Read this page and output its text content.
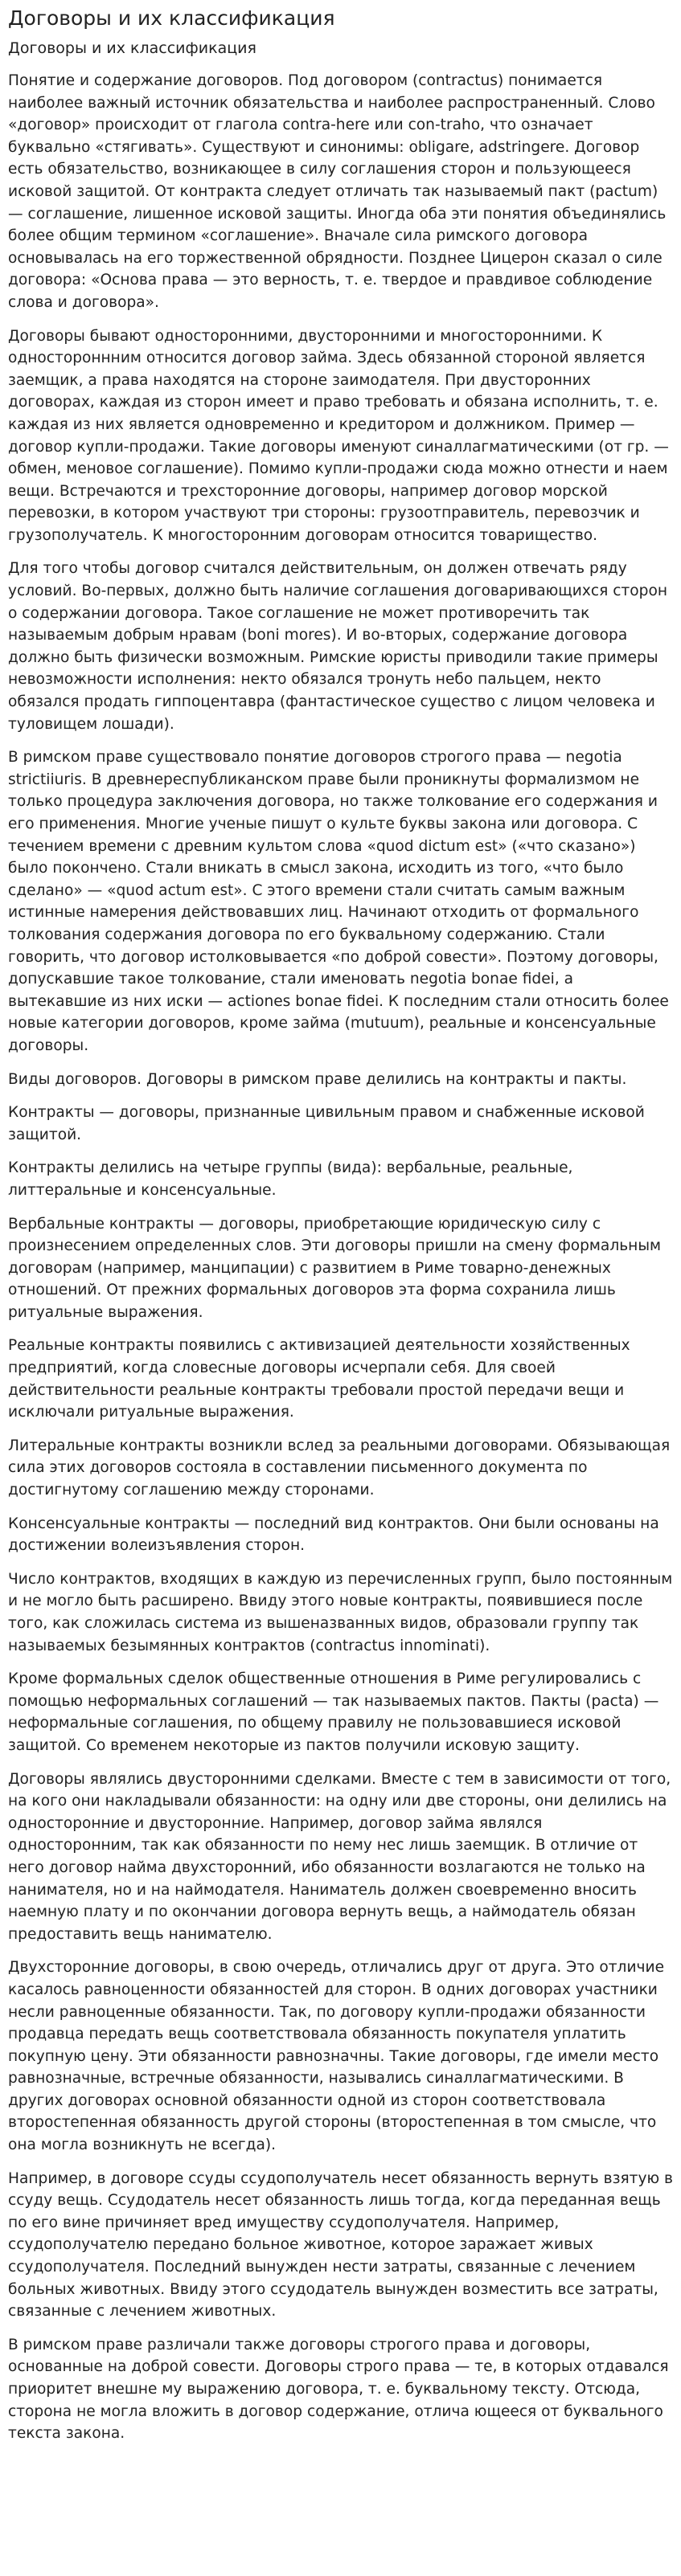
Договоры и их классификация
Договоры и их классификация

Понятие и содержание договоров. Под договором (contractus) понимается наиболее важный источник обязательства и наиболее распространенный. Слово «договор» происходит от глагола contra-here или con-traho, что означает буквально «стягивать». Существуют и синонимы: obligare, adstringere. Договор есть обязательство, возникающее в силу соглашения сторон и пользующееся исковой защитой. От контракта следует отличать так называемый пакт (pactum) — соглашение, лишенное исковой защиты. Иногда оба эти понятия объединялись более общим термином «соглашение». Вначале сила римского договора основывалась на его торжественной обрядности. Позднее Цицерон сказал о силе договора: «Основа права — это верность, т. е. твердое и правдивое соблюдение слова и договора».

Договоры бывают односторонними, двусторонними и многосторонними. К одностороннним относится договор займа. Здесь обязанной стороной является заемщик, а права находятся на стороне заимодателя. При двусторонних договорах, каждая из сторон имеет и право требовать и обязана исполнить, т. е. каждая из них является одновременно и кредитором и должником. Пример — договор купли-продажи. Такие договоры именуют синаллагматическими (от гр. — обмен, меновое соглашение). Помимо купли-продажи сюда можно отнести и наем вещи. Встречаются и трехсторонние договоры, например договор морской перевозки, в котором участвуют три стороны: грузоотправитель, перевозчик и грузополучатель. К многосторонним договорам относится товарищество.

Для того чтобы договор считался действительным, он должен отвечать ряду условий. Во-первых, должно быть наличие соглашения договаривающихся сторон о содержании договора. Такое соглашение не может противоречить так называемым добрым нравам (boni mores). И во-вторых, содержание договора должно быть физически возможным. Римские юристы приводили такие примеры невозможности исполнения: некто обязался тронуть небо пальцем, некто обязался продать гиппоцентавра (фантастическое существо с лицом человека и туловищем лошади).

В римском праве существовало понятие договоров строгого права — negotia strictiiuris. В древнереспубликанском праве были проникнуты формализмом не только процедура заключения договора, но также толкование его содержания и его применения. Многие ученые пишут о культе буквы закона или договора. С течением времени с древним культом слова «quod dictum est» («что сказано») было покончено. Стали вникать в смысл закона, исходить из того, «что было сделано» — «quod actum est». С этого времени стали считать самым важным истинные намерения действовавших лиц. Начинают отходить от формального толкования содержания договора по его буквальному содержанию. Стали говорить, что договор истолковывается «по доброй совести». Поэтому договоры, допускавшие такое толкование, стали именовать negotia bonae fidei, а вытекавшие из них иски — actiones bonae fidei. К последним стали относить более новые категории договоров, кроме займа (mutuum), реальные и консенсуальные договоры.

Виды договоров. Договоры в римском праве делились на контракты и пакты.

Контракты — договоры, признанные цивильным правом и снабженные исковой защитой.

Контракты делились на четыре группы (вида): вербальные, реальные, литтеральные и консенсуальные.

Вербальные контракты — договоры, приобретающие юридическую силу с произнесением определенных слов. Эти договоры пришли на смену формальным договорам (например, манципации) с развитием в Риме товарно-денежных отношений. От прежних формальных договоров эта форма сохранила лишь ритуальные выражения.

Реальные контракты появились с активизацией деятельности хозяйственных предприятий, когда словесные договоры исчерпали себя. Для своей действительности реальные контракты требовали простой передачи вещи и исключали ритуальные выражения.

Литеральные контракты возникли вслед за реальными договорами. Обязывающая сила этих договоров состояла в составлении письменного документа по достигнутому соглашению между сторонами.

Консенсуальные контракты — последний вид контрактов. Они были основаны на достижении волеизъявления сторон.

Число контрактов, входящих в каждую из перечисленных групп, было постоянным и не могло быть расширено. Ввиду этого новые контракты, появившиеся после того, как сложилась система из вышеназванных видов, образовали группу так называемых безымянных контрактов (contractus innominati).

Кроме формальных сделок общественные отношения в Риме регулировались с помощью неформальных соглашений — так называемых пактов. Пакты (pacta) — неформальные соглашения, по общему правилу не пользовавшиеся исковой защитой. Со временем некоторые из пактов получили исковую защиту.

Договоры являлись двусторонними сделками. Вместе с тем в зависимости от того, на кого они накладывали обязанности: на одну или две стороны, они делились на односторонние и двусторонние. Например, договор займа являлся односторонним, так как обязанности по нему нес лишь заемщик. В отличие от него договор найма двухсторонний, ибо обязанности возлагаются не только на нанимателя, но и на наймодателя. Наниматель должен своевременно вносить наемную плату и по окончании договора вернуть вещь, а наймодатель обязан предоставить вещь нанимателю.

Двухсторонние договоры, в свою очередь, отличались друг от друга. Это отличие касалось равноценности обязанностей для сторон. В одних договорах участники несли равноценные обязанности. Так, по договору купли-продажи обязанности продавца передать вещь соответствовала обязанность покупателя уплатить покупную цену. Эти обязанности равнозначны. Такие договоры, где имели место равнозначные, встречные обязанности, назывались синаллагматическими. В других договорах основной обязанности одной из сторон соответствовала второстепенная обязанность другой стороны (второстепенная в том смысле, что она могла возникнуть не всегда).

Например, в договоре ссуды ссудополучатель несет обязанность вернуть взятую в ссуду вещь. Ссудодатель несет обязанность лишь тогда, когда переданная вещь по его вине причиняет вред имуществу ссудополучателя. Например, ссудополучателю передано больное животное, которое заражает живых ссудополучателя. Последний вынужден нести затраты, связанные с лечением больных животных. Ввиду этого ссудодатель вынужден возместить все затраты, связанные с лечением животных.

В римском праве различали также договоры строгого права и договоры, основанные на доброй совести. Договоры строго права — те, в которых отдавался приоритет внешне му выражению договора, т. е. буквальному тексту. Отсюда, сторона не могла вложить в договор содержание, отлича ющееся от буквального текста закона.
